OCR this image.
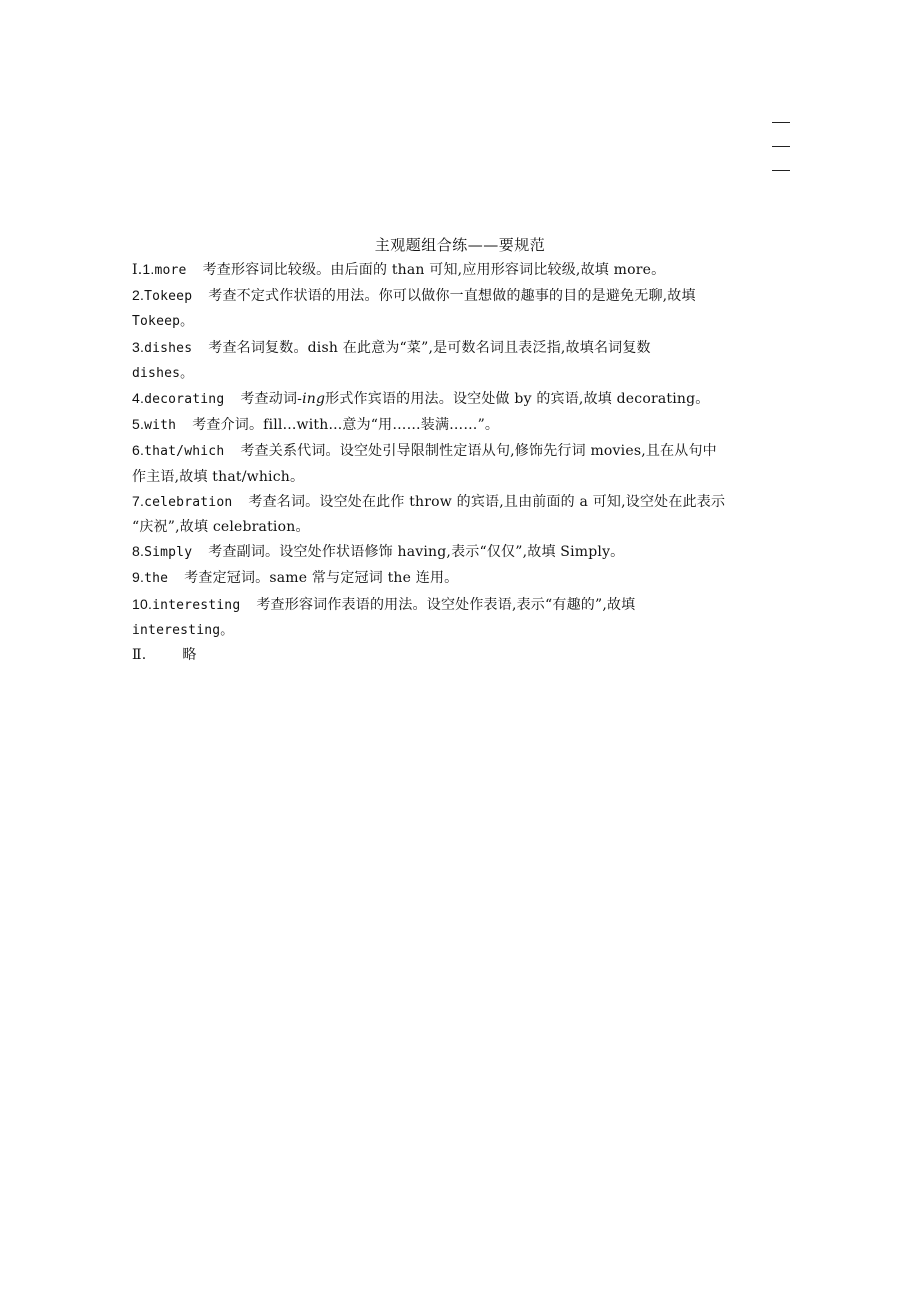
主观题组合练——要规范
Ⅰ.1.more 考查形容词比较级。由后面的 than 可知,应用形容词比较级,故填 more。
2.Tokeep 考查不定式作状语的用法。你可以做你一直想做的趣事的目的是避免无聊,故填
Tokeep。
3.dishes 考查名词复数。dish 在此意为“菜”,是可数名词且表泛指,故填名词复数
dishes。
4.decorating 考查动词-ing形式作宾语的用法。设空处做 by 的宾语,故填 decorating。
5.with 考查介词。fill...with...意为“用……装满……”。
6.that/which 考查关系代词。设空处引导限制性定语从句,修饰先行词 movies,且在从句中
作主语,故填 that/which。
7.celebration 考查名词。设空处在此作 throw 的宾语,且由前面的 a 可知,设空处在此表示
“庆祝”,故填 celebration。
8.Simply 考查副词。设空处作状语修饰 having,表示“仅仅”,故填 Simply。
9.the 考查定冠词。same 常与定冠词 the 连用。
10.interesting 考查形容词作表语的用法。设空处作表语,表示“有趣的”,故填
interesting。
Ⅱ.	略
